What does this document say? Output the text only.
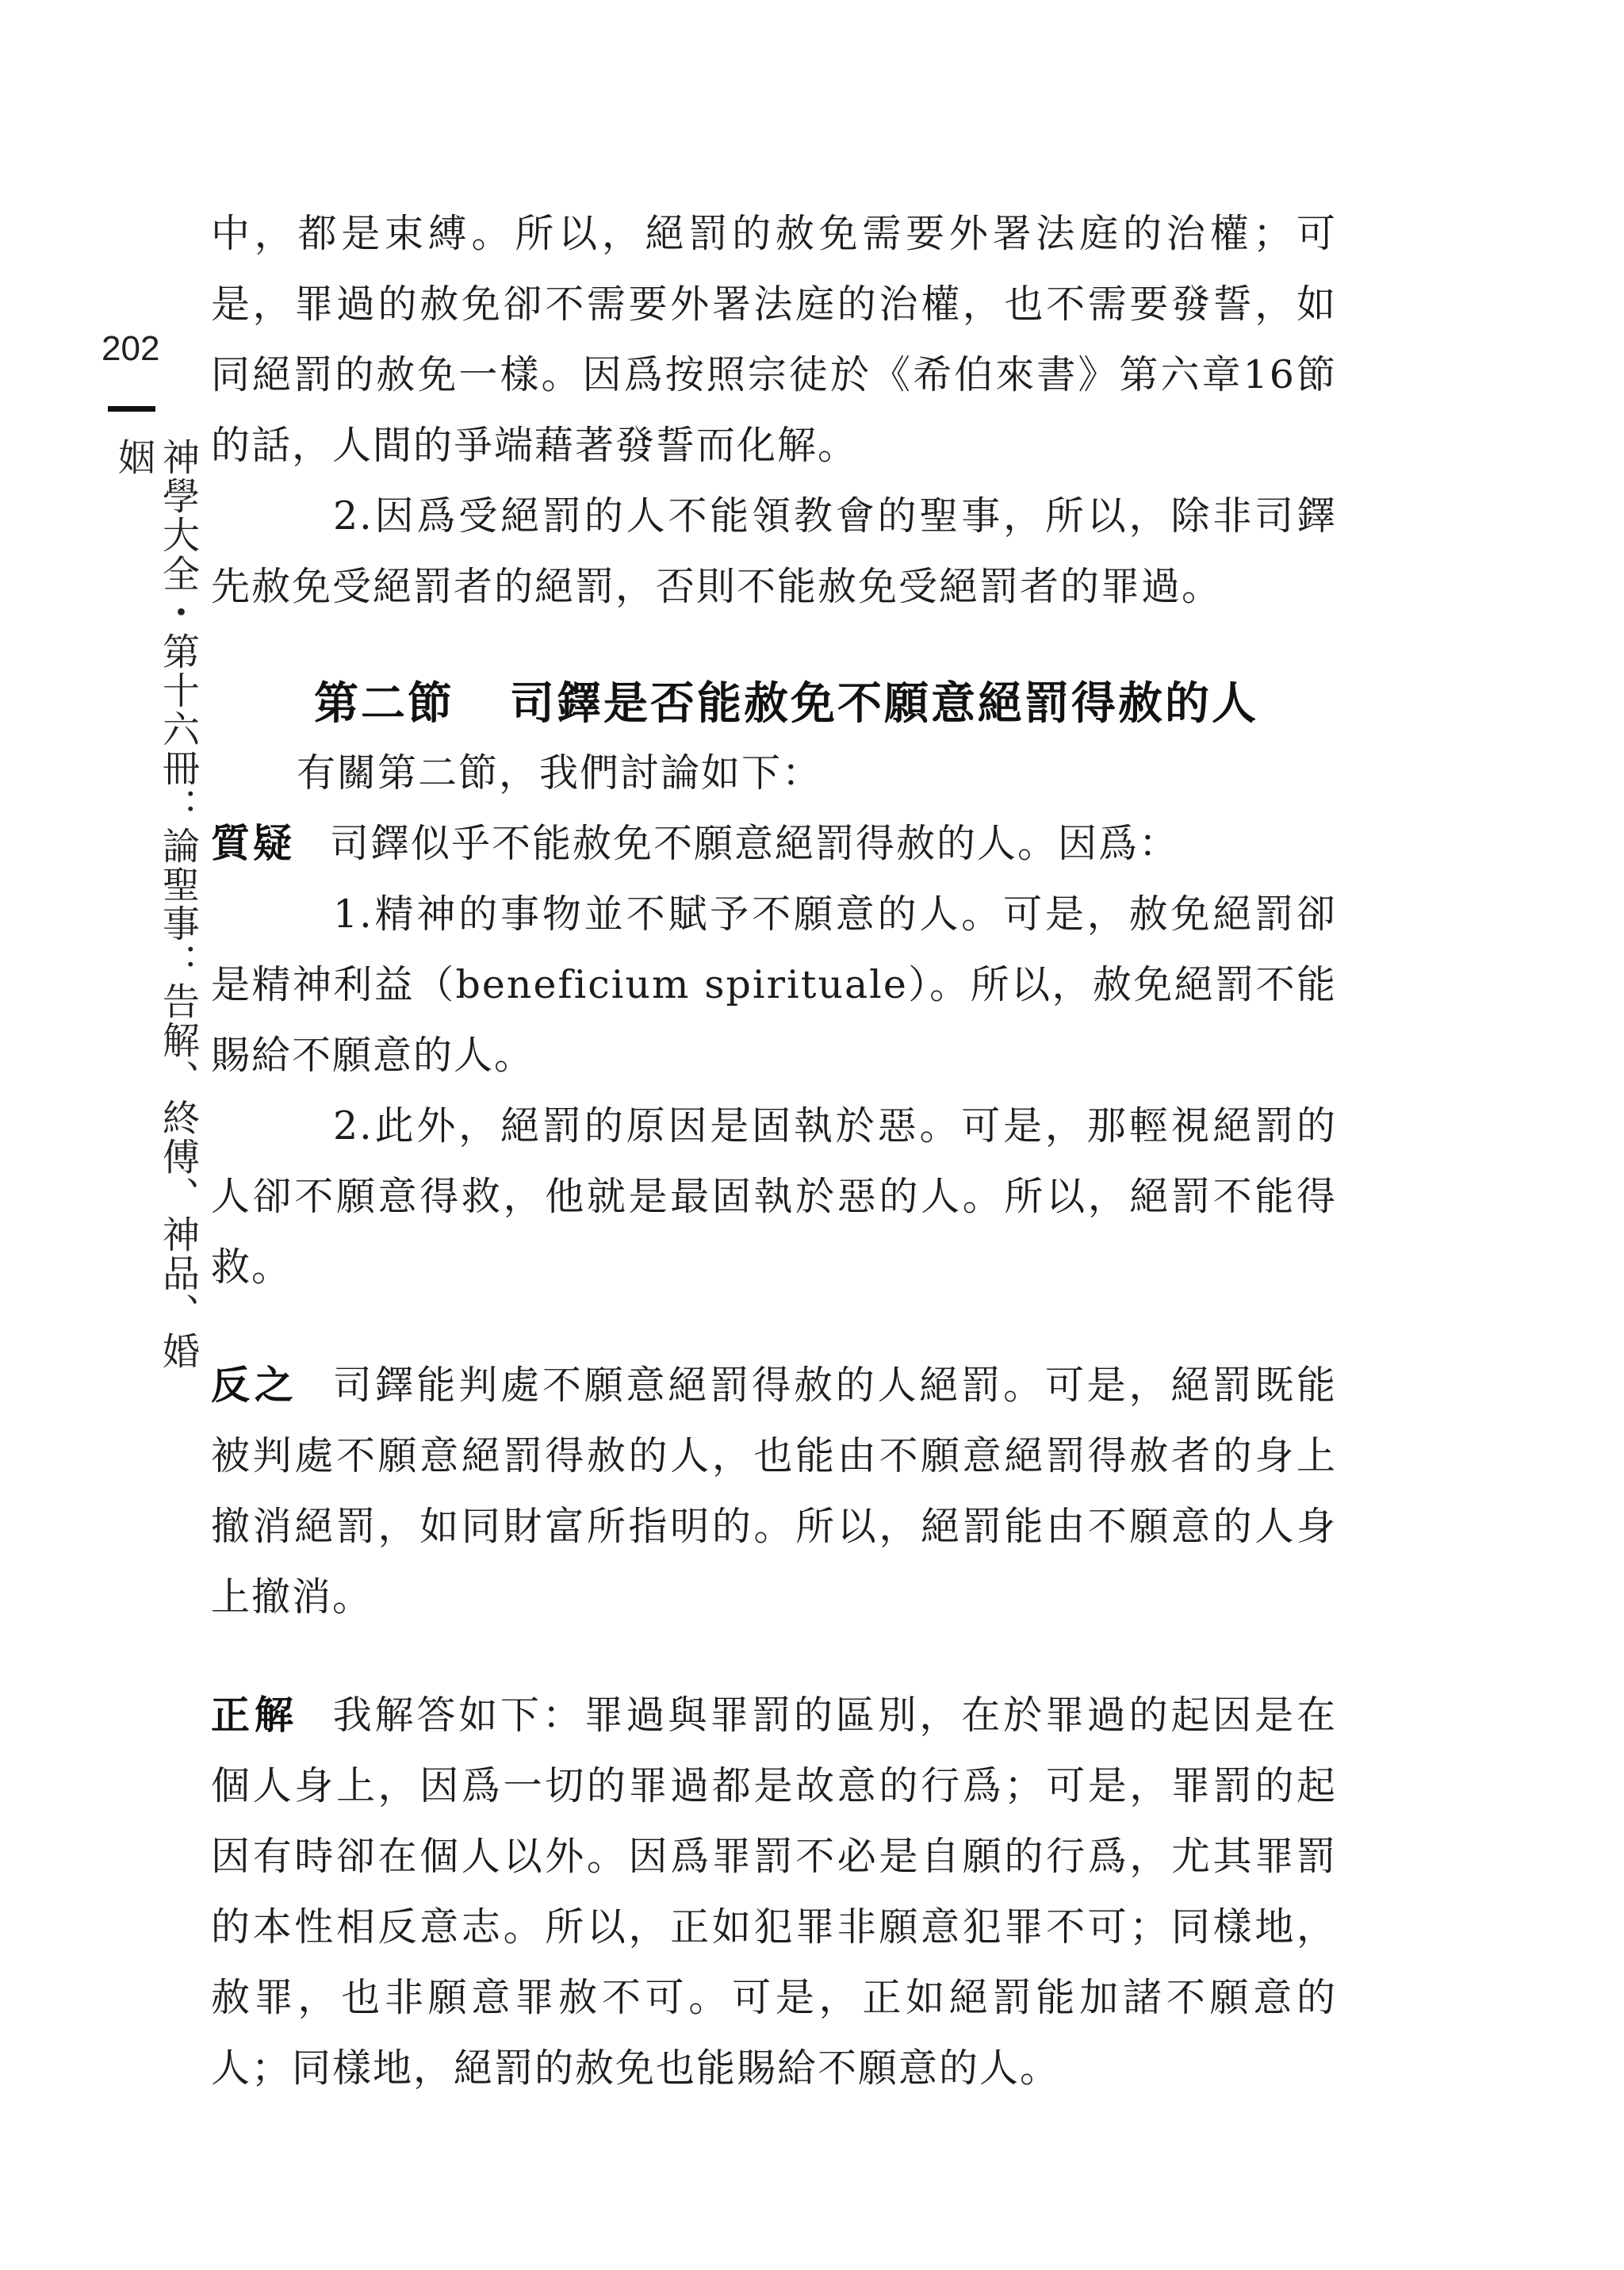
202
神學大全・第十六冊：論聖事：告解、終傅、神品、婚姻

中，都是束縛。所以，絕罰的赦免需要外署法庭的治權；可是，罪過的赦免卻不需要外署法庭的治權，也不需要發誓，如同絕罰的赦免一樣。因爲按照宗徒於《希伯來書》第六章16節的話，人間的爭端藉著發誓而化解。

2.因爲受絕罰的人不能領教會的聖事，所以，除非司鐸先赦免受絕罰者的絕罰，否則不能赦免受絕罰者的罪過。

第二節 司鐸是否能赦免不願意絕罰得赦的人

有關第二節，我們討論如下：

質疑 司鐸似乎不能赦免不願意絕罰得赦的人。因爲：

1.精神的事物並不賦予不願意的人。可是，赦免絕罰卻是精神利益（beneficium spirituale）。所以，赦免絕罰不能賜給不願意的人。

2.此外，絕罰的原因是固執於惡。可是，那輕視絕罰的人卻不願意得救，他就是最固執於惡的人。所以，絕罰不能得救。

反之 司鐸能判處不願意絕罰得赦的人絕罰。可是，絕罰既能被判處不願意絕罰得赦的人，也能由不願意絕罰得赦者的身上撤消絕罰，如同財富所指明的。所以，絕罰能由不願意的人身上撤消。

正解 我解答如下：罪過與罪罰的區別，在於罪過的起因是在個人身上，因爲一切的罪過都是故意的行爲；可是，罪罰的起因有時卻在個人以外。因爲罪罰不必是自願的行爲，尤其罪罰的本性相反意志。所以，正如犯罪非願意犯罪不可；同樣地，赦罪，也非願意罪赦不可。可是，正如絕罰能加諸不願意的人；同樣地，絕罰的赦免也能賜給不願意的人。
